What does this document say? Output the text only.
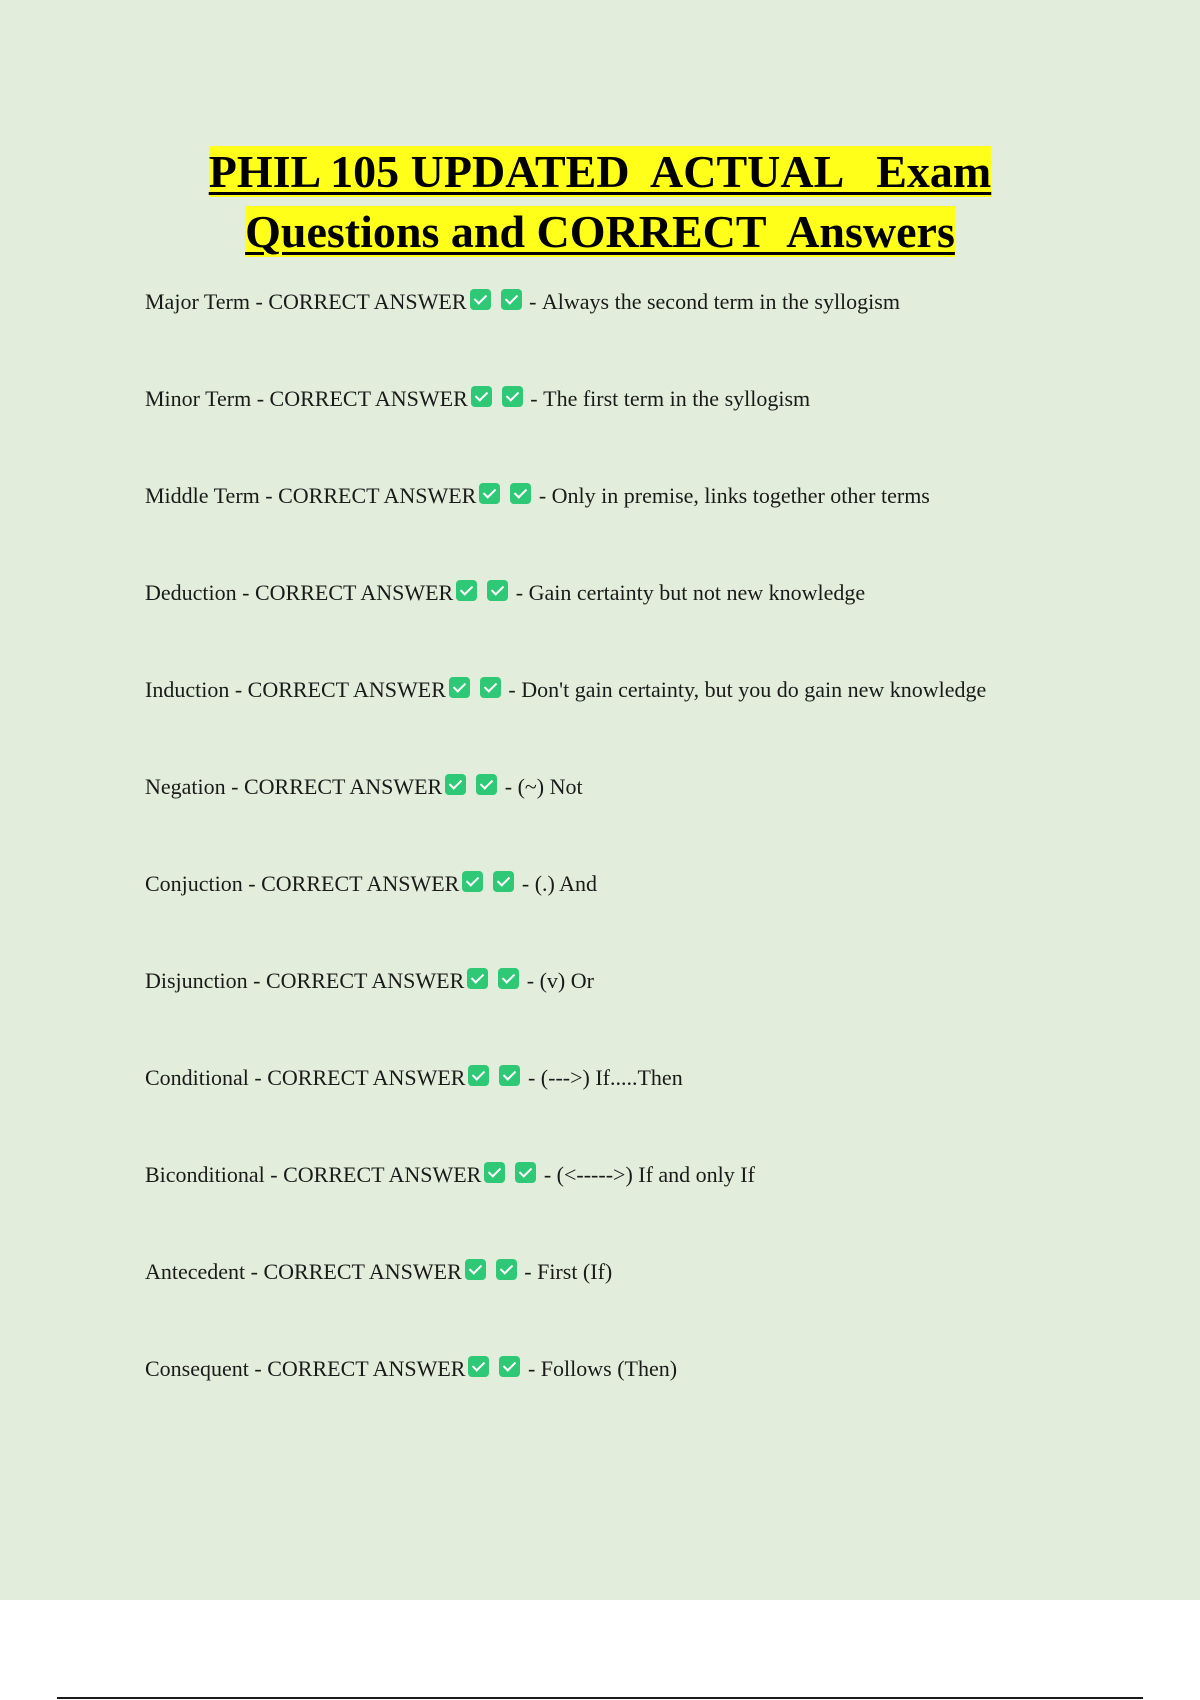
PHIL 105 UPDATED  ACTUAL   Exam
Questions and CORRECT  Answers
Major Term - CORRECT ANSWER	- Always the second term in the syllogism
Minor Term - CORRECT ANSWER	- The first term in the syllogism
Middle Term - CORRECT ANSWER	- Only in premise, links together other terms
Deduction - CORRECT ANSWER	- Gain certainty but not new knowledge
Induction - CORRECT ANSWER	- Don't gain certainty, but you do gain new knowledge
Negation - CORRECT ANSWER	- (~) Not
Conjuction - CORRECT ANSWER	- (.) And
Disjunction - CORRECT ANSWER	- (v) Or
Conditional - CORRECT ANSWER	- (--->) If.....Then
Biconditional - CORRECT ANSWER	- (<----->) If and only If
Antecedent - CORRECT ANSWER	- First (If)
Consequent - CORRECT ANSWER	- Follows (Then)
